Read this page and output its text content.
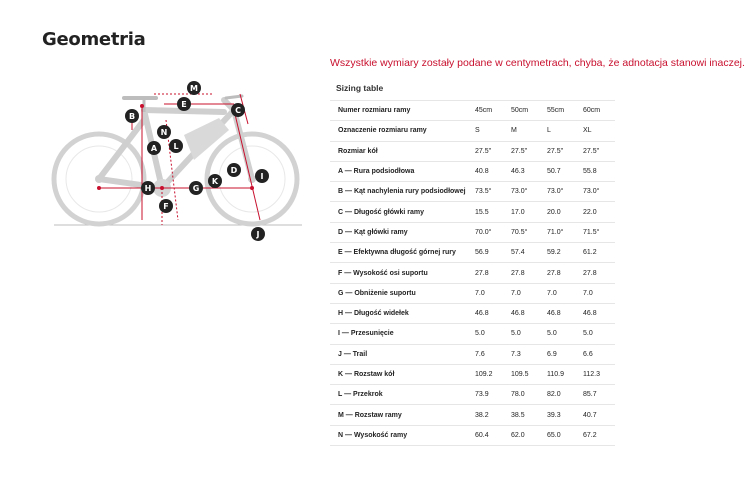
Geometria
M
E
B
C
N
A L
D
I
H	G
K
F
J
Wszystkie wymiary zostały podane w centymetrach, chyba, że adnotacja stanowi inaczej.
Sizing table
Numer rozmiaru ramy	45cm	50cm	55cm	60cm
Oznaczenie rozmiaru ramy	S	M	L	XL
Rozmiar kół	27.5"	27.5"	27.5"	27.5"
A — Rura podsiodłowa	40.8	46.3	50.7	55.8
B — Kąt nachylenia rury podsiodłowej	73.5°	73.0°	73.0°	73.0°
C — Długość główki ramy	15.5	17.0	20.0	22.0
D — Kąt główki ramy	70.0°	70.5°	71.0°	71.5°
E — Efektywna długość górnej rury	56.9	57.4	59.2	61.2
F — Wysokość osi suportu	27.8	27.8	27.8	27.8
G — Obniżenie suportu	7.0	7.0	7.0	7.0
H — Długość widełek	46.8	46.8	46.8	46.8
I — Przesunięcie	5.0	5.0	5.0	5.0
J — Trail	7.6	7.3	6.9	6.6
K — Rozstaw kół	109.2	109.5	110.9	112.3
L — Przekrok	73.9	78.0	82.0	85.7
M — Rozstaw ramy	38.2	38.5	39.3	40.7
N — Wysokość ramy	60.4	62.0	65.0	67.2
